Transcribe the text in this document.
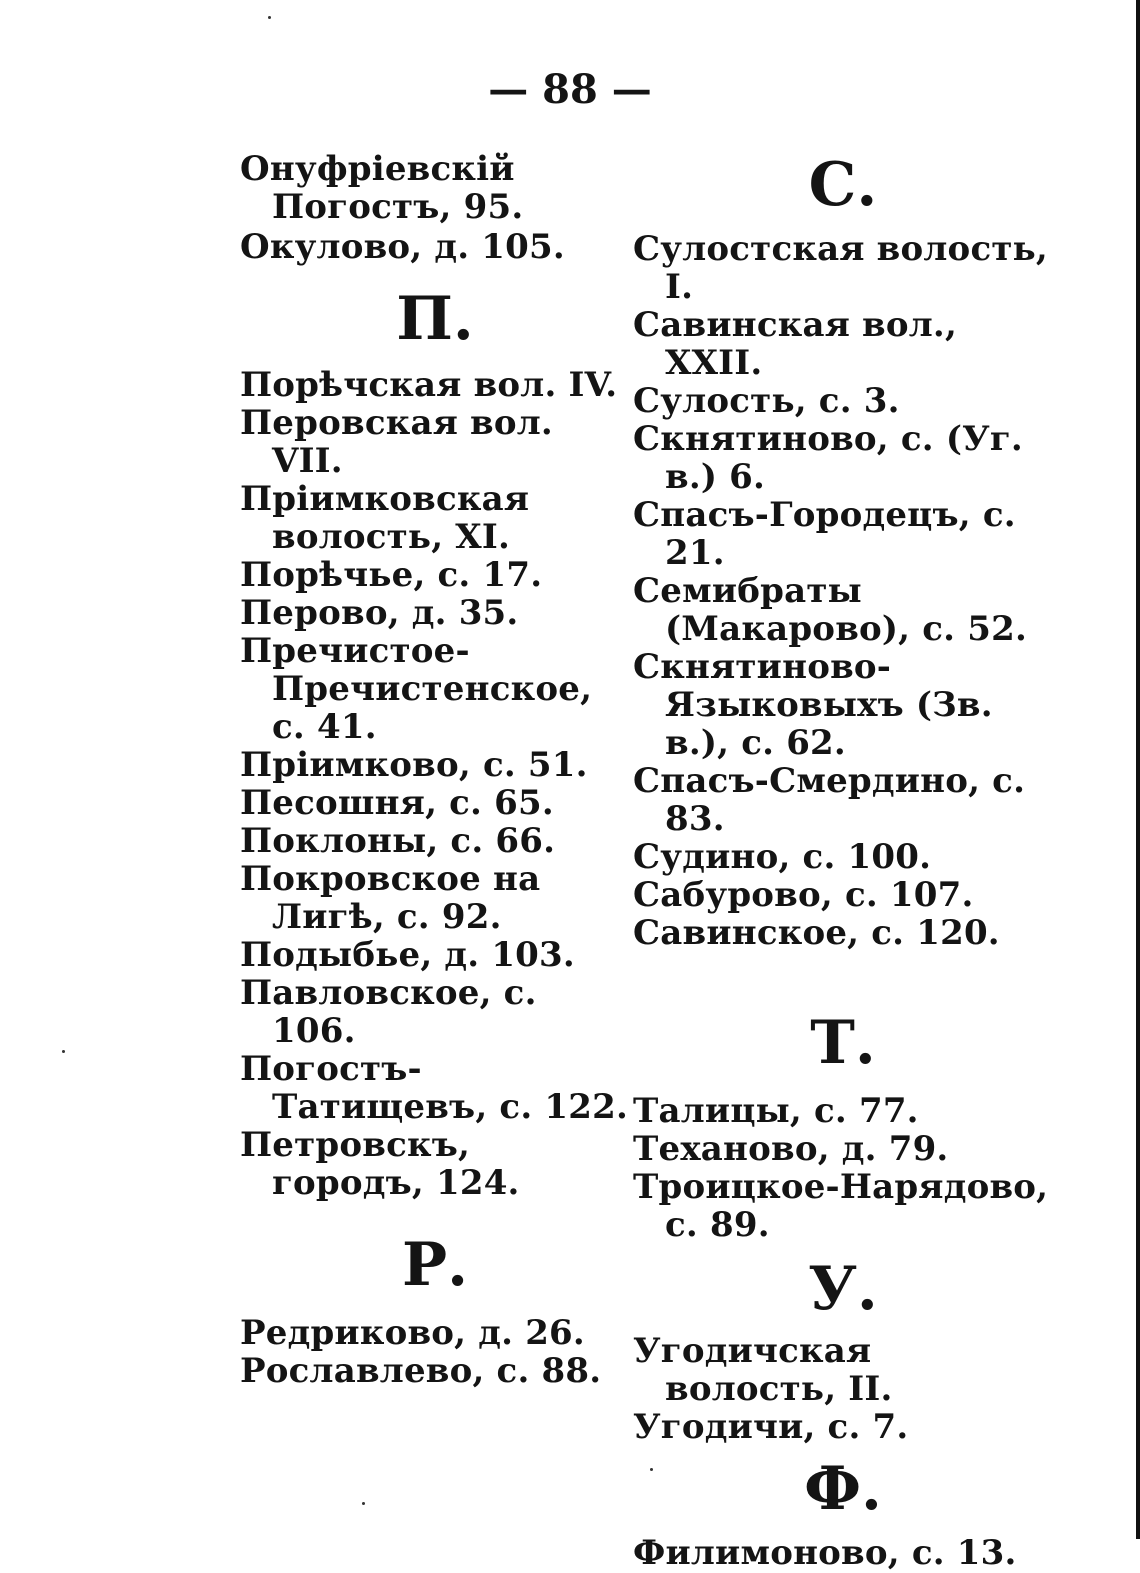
— 88 —

Онуфріевскій Погостъ, 95.

Окулово, д. 105.

П.

Порѣчская вол. IV.

Перовская вол. VII.

Пріимковская волость, XI.

Порѣчье, с. 17.

Перово, д. 35.

Пречистое-Пречистенское, с. 41.

Пріимково, с. 51.

Песошня, с. 65.

Поклоны, с. 66.

Покровское на Лигѣ, с. 92.

Подыбье, д. 103.

Павловское, с. 106.

Погостъ-Татищевъ, с. 122.

Петровскъ, городъ, 124.

Р.

Редриково, д. 26.

Рославлево, с. 88.

С.

Сулостская волость, I.

Савинская вол., XXII.

Сулость, с. 3.

Скнятиново, с. (Уг. в.) 6.

Спасъ-Городецъ, с. 21.

Семибраты (Макарово), с. 52.

Скнятиново-Языковыхъ (Зв. в.), с. 62.

Спасъ-Смердино, с. 83.

Судино, с. 100.

Сабурово, с. 107.

Савинское, с. 120.

Т.

Талицы, с. 77.

Теханово, д. 79.

Троицкое-Нарядово, с. 89.

У.

Угодичская волость, II.

Угодичи, с. 7.

Ф.

Филимоново, с. 13.
